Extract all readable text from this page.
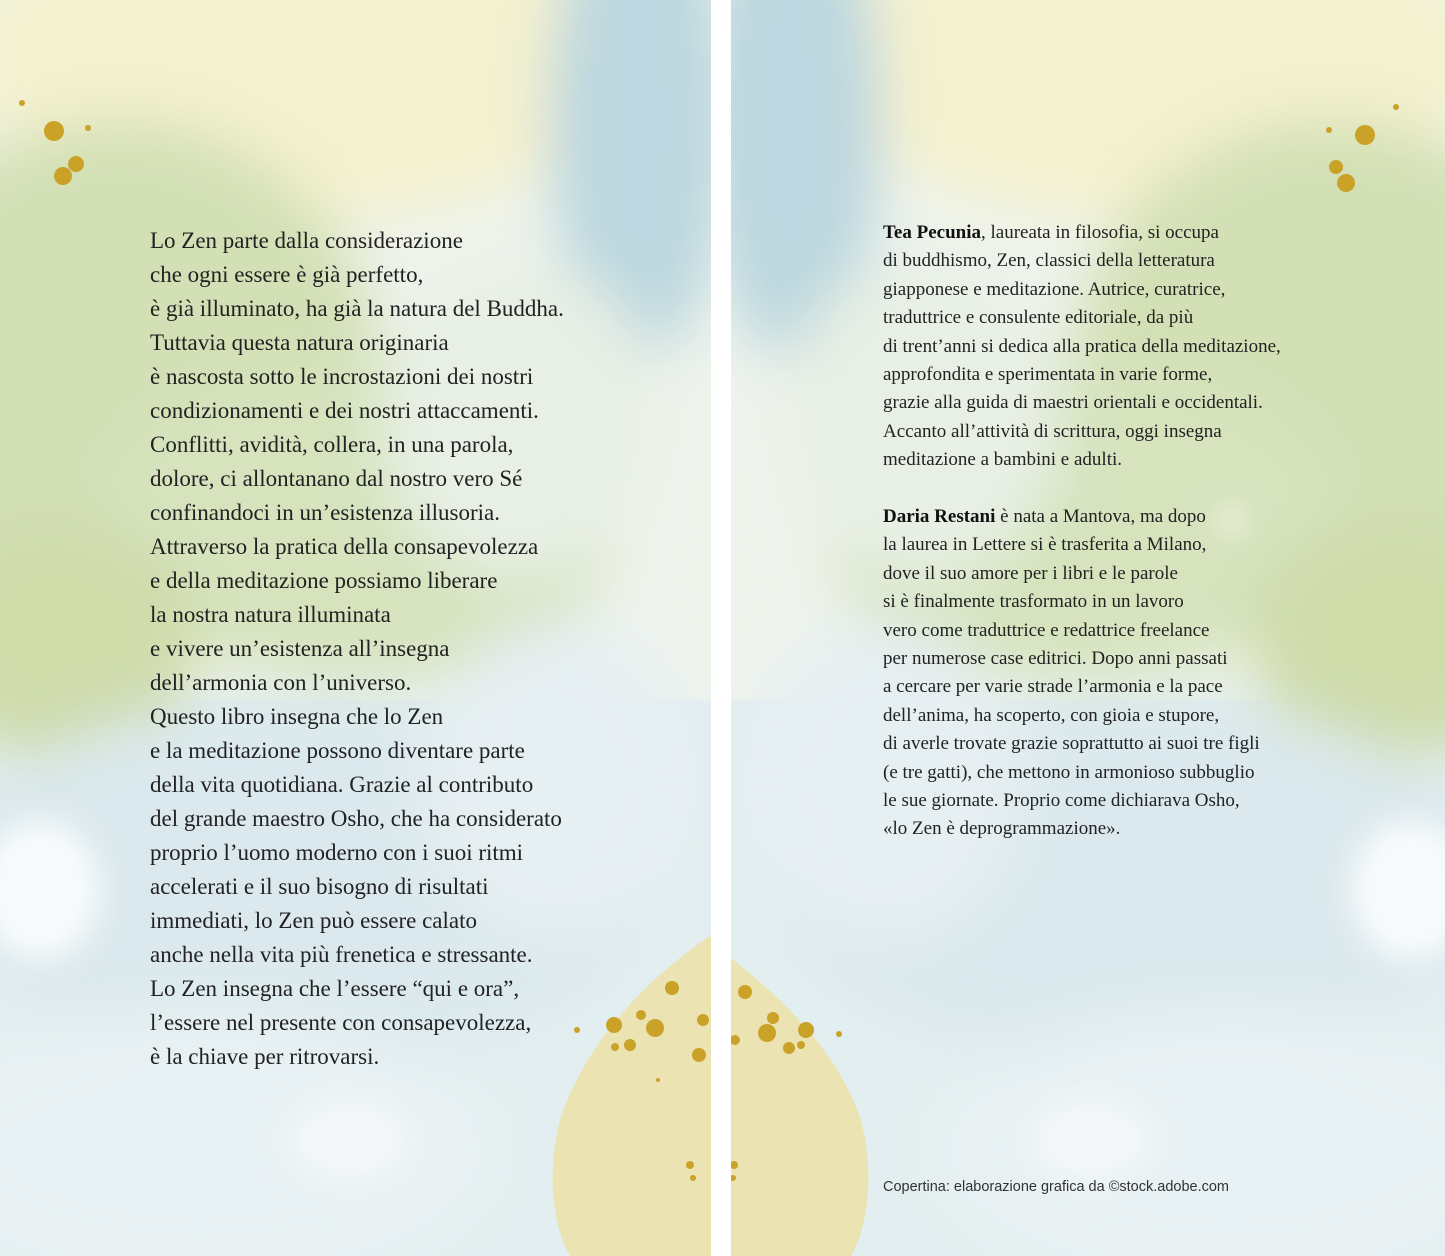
Lo Zen parte dalla considerazione
che ogni essere è già perfetto,
è già illuminato, ha già la natura del Buddha.
Tuttavia questa natura originaria
è nascosta sotto le incrostazioni dei nostri
condizionamenti e dei nostri attaccamenti.
Conflitti, avidità, collera, in una parola,
dolore, ci allontanano dal nostro vero Sé
confinandoci in un’esistenza illusoria.
Attraverso la pratica della consapevolezza
e della meditazione possiamo liberare
la nostra natura illuminata
e vivere un’esistenza all’insegna
dell’armonia con l’universo.
Questo libro insegna che lo Zen
e la meditazione possono diventare parte
della vita quotidiana. Grazie al contributo
del grande maestro Osho, che ha considerato
proprio l’uomo moderno con i suoi ritmi
accelerati e il suo bisogno di risultati
immediati, lo Zen può essere calato
anche nella vita più frenetica e stressante.
Lo Zen insegna che l’essere “qui e ora”,
l’essere nel presente con consapevolezza,
è la chiave per ritrovarsi.
Tea Pecunia, laureata in filosofia, si occupa
di buddhismo, Zen, classici della letteratura
giapponese e meditazione. Autrice, curatrice,
traduttrice e consulente editoriale, da più
di trent’anni si dedica alla pratica della meditazione,
approfondita e sperimentata in varie forme,
grazie alla guida di maestri orientali e occidentali.
Accanto all’attività di scrittura, oggi insegna
meditazione a bambini e adulti.
Daria Restani è nata a Mantova, ma dopo
la laurea in Lettere si è trasferita a Milano,
dove il suo amore per i libri e le parole
si è finalmente trasformato in un lavoro
vero come traduttrice e redattrice freelance
per numerose case editrici. Dopo anni passati
a cercare per varie strade l’armonia e la pace
dell’anima, ha scoperto, con gioia e stupore,
di averle trovate grazie soprattutto ai suoi tre figli
(e tre gatti), che mettono in armonioso subbuglio
le sue giornate. Proprio come dichiarava Osho,
«lo Zen è deprogrammazione».
Copertina: elaborazione grafica da ©stock.adobe.com
